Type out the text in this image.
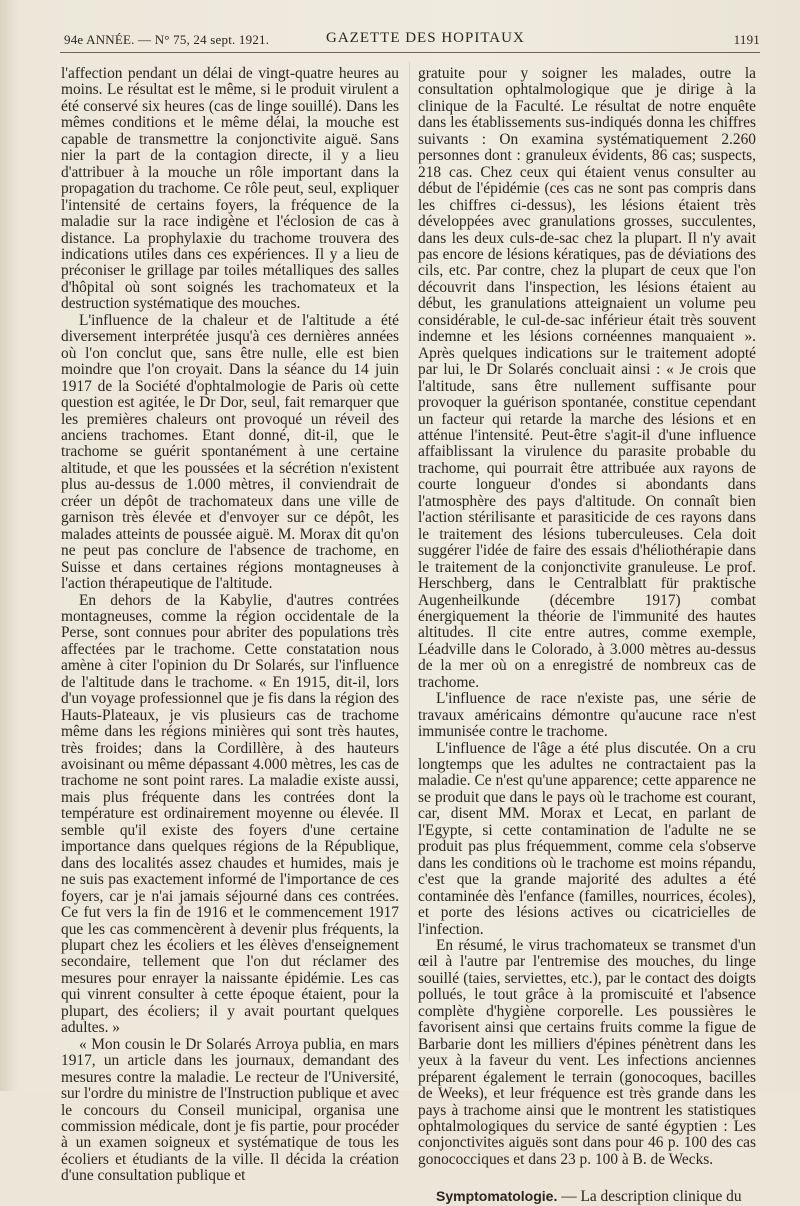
94e ANNÉE. — N° 75, 24 sept. 1921.	GAZETTE DES HOPITAUX	1191

l'affection pendant un délai de vingt-quatre heures au moins. Le résultat est le même, si le produit virulent a été conservé six heures (cas de linge souillé). Dans les mêmes conditions et le même délai, la mouche est capable de transmettre la conjonctivite aiguë. Sans nier la part de la contagion directe, il y a lieu d'attribuer à la mouche un rôle important dans la propagation du trachome. Ce rôle peut, seul, expliquer l'intensité de certains foyers, la fréquence de la maladie sur la race indigène et l'éclosion de cas à distance. La prophylaxie du trachome trouvera des indications utiles dans ces expériences. Il y a lieu de préconiser le grillage par toiles métalliques des salles d'hôpital où sont soignés les trachomateux et la destruction systématique des mouches.

L'influence de la chaleur et de l'altitude a été diversement interprétée jusqu'à ces dernières années où l'on conclut que, sans être nulle, elle est bien moindre que l'on croyait. Dans la séance du 14 juin 1917 de la Société d'ophtalmologie de Paris où cette question est agitée, le Dr Dor, seul, fait remarquer que les premières chaleurs ont provoqué un réveil des anciens trachomes. Etant donné, dit-il, que le trachome se guérit spontanément à une certaine altitude, et que les poussées et la sécrétion n'existent plus au-dessus de 1.000 mètres, il conviendrait de créer un dépôt de trachomateux dans une ville de garnison très élevée et d'envoyer sur ce dépôt, les malades atteints de poussée aiguë. M. Morax dit qu'on ne peut pas conclure de l'absence de trachome, en Suisse et dans certaines régions montagneuses à l'action thérapeutique de l'altitude.

En dehors de la Kabylie, d'autres contrées montagneuses, comme la région occidentale de la Perse, sont connues pour abriter des populations très affectées par le trachome. Cette constatation nous amène à citer l'opinion du Dr Solarés, sur l'influence de l'altitude dans le trachome. « En 1915, dit-il, lors d'un voyage professionnel que je fis dans la région des Hauts-Plateaux, je vis plusieurs cas de trachome même dans les régions minières qui sont très hautes, très froides; dans la Cordillère, à des hauteurs avoisinant ou même dépassant 4.000 mètres, les cas de trachome ne sont point rares. La maladie existe aussi, mais plus fréquente dans les contrées dont la température est ordinairement moyenne ou élevée. Il semble qu'il existe des foyers d'une certaine importance dans quelques régions de la République, dans des localités assez chaudes et humides, mais je ne suis pas exactement informé de l'importance de ces foyers, car je n'ai jamais séjourné dans ces contrées. Ce fut vers la fin de 1916 et le commencement 1917 que les cas commencèrent à devenir plus fréquents, la plupart chez les écoliers et les élèves d'enseignement secondaire, tellement que l'on dut réclamer des mesures pour enrayer la naissante épidémie. Les cas qui vinrent consulter à cette époque étaient, pour la plupart, des écoliers; il y avait pourtant quelques adultes. »

« Mon cousin le Dr Solarés Arroya publia, en mars 1917, un article dans les journaux, demandant des mesures contre la maladie. Le recteur de l'Université, sur l'ordre du ministre de l'Instruction publique et avec le concours du Conseil municipal, organisa une commission médicale, dont je fis partie, pour procéder à un examen soigneux et systématique de tous les écoliers et étudiants de la ville. Il décida la création d'une consultation publique et

gratuite pour y soigner les malades, outre la consultation ophtalmologique que je dirige à la clinique de la Faculté. Le résultat de notre enquête dans les établissements sus-indiqués donna les chiffres suivants : On examina systématiquement 2.260 personnes dont : granuleux évidents, 86 cas; suspects, 218 cas. Chez ceux qui étaient venus consulter au début de l'épidémie (ces cas ne sont pas compris dans les chiffres ci-dessus), les lésions étaient très développées avec granulations grosses, succulentes, dans les deux culs-de-sac chez la plupart. Il n'y avait pas encore de lésions kératiques, pas de déviations des cils, etc. Par contre, chez la plupart de ceux que l'on découvrit dans l'inspection, les lésions étaient au début, les granulations atteignaient un volume peu considérable, le cul-de-sac inférieur était très souvent indemne et les lésions cornéennes manquaient ». Après quelques indications sur le traitement adopté par lui, le Dr Solarés concluait ainsi : « Je crois que l'altitude, sans être nullement suffisante pour provoquer la guérison spontanée, constitue cependant un facteur qui retarde la marche des lésions et en atténue l'intensité. Peut-être s'agit-il d'une influence affaiblissant la virulence du parasite probable du trachome, qui pourrait être attribuée aux rayons de courte longueur d'ondes si abondants dans l'atmosphère des pays d'altitude. On connaît bien l'action stérilisante et parasiticide de ces rayons dans le traitement des lésions tuberculeuses. Cela doit suggérer l'idée de faire des essais d'héliothérapie dans le traitement de la conjonctivite granuleuse. Le prof. Herschberg, dans le Centralblatt für praktische Augenheilkunde (décembre 1917) combat énergiquement la théorie de l'immunité des hautes altitudes. Il cite entre autres, comme exemple, Léadville dans le Colorado, à 3.000 mètres au-dessus de la mer où on a enregistré de nombreux cas de trachome.

L'influence de race n'existe pas, une série de travaux américains démontre qu'aucune race n'est immunisée contre le trachome.

L'influence de l'âge a été plus discutée. On a cru longtemps que les adultes ne contractaient pas la maladie. Ce n'est qu'une apparence; cette apparence ne se produit que dans le pays où le trachome est courant, car, disent MM. Morax et Lecat, en parlant de l'Egypte, si cette contamination de l'adulte ne se produit pas plus fréquemment, comme cela s'observe dans les conditions où le trachome est moins répandu, c'est que la grande majorité des adultes a été contaminée dès l'enfance (familles, nourrices, écoles), et porte des lésions actives ou cicatricielles de l'infection.

En résumé, le virus trachomateux se transmet d'un œil à l'autre par l'entremise des mouches, du linge souillé (taies, serviettes, etc.), par le contact des doigts pollués, le tout grâce à la promiscuité et l'absence complète d'hygiène corporelle. Les poussières le favorisent ainsi que certains fruits comme la figue de Barbarie dont les milliers d'épines pénètrent dans les yeux à la faveur du vent. Les infections anciennes préparent également le terrain (gonocoques, bacilles de Weeks), et leur fréquence est très grande dans les pays à trachome ainsi que le montrent les statistiques ophtalmologiques du service de santé égyptien : Les conjonctivites aiguës sont dans pour 46 p. 100 des cas gonococciques et dans 23 p. 100 à B. de Wecks.

Symptomatologie. — La description clinique du
